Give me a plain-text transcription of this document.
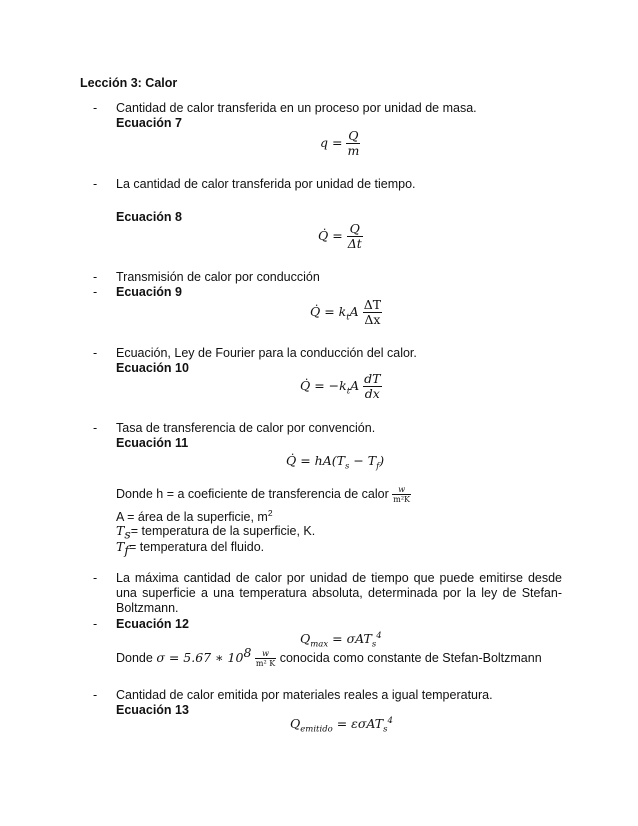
Lección 3: Calor
- Cantidad de calor transferida en un proceso por unidad de masa.
Ecuación 7
$q = \frac{Q}{m}$
- La cantidad de calor transferida por unidad de tiempo.
Ecuación 8
Q̇ = $\frac{Q}{\Delta t}$
- Transmisión de calor por conducción
- Ecuación 9
Q̇ = $k_tA \frac{\Delta T}{\Delta x}$
- Ecuación, Ley de Fourier para la conducción del calor.
Ecuación 10
Q̇ = $-k_tA \frac{dT}{dx}$
- Tasa de transferencia de calor por convención.
Ecuación 11
Q̇ = $hA(T_s - T_f)$
Donde h = a coeficiente de transferencia de calor $\frac{w}{\text{m²K}}$
A = área de la superficie, $m^2$
$T_s=$ temperatura de la superficie, K.
$T_f=$ temperatura del fluido.
- La máxima cantidad de calor por unidad de tiempo que puede emitirse desde una superficie a una temperatura absoluta, determinada por la ley de Stefan-Boltzmann.
- Ecuación 12
$Q_{max} = \sigma AT_s^4$
Donde σ = 5.67 ∗ $10^8 \frac{w}{\text{m² K}}$ conocida como constante de Stefan-Boltzmann
- Cantidad de calor emitida por materiales reales a igual temperatura.
Ecuación 13
$Q_{emitido} = \varepsilon\sigma AT_s^4$
